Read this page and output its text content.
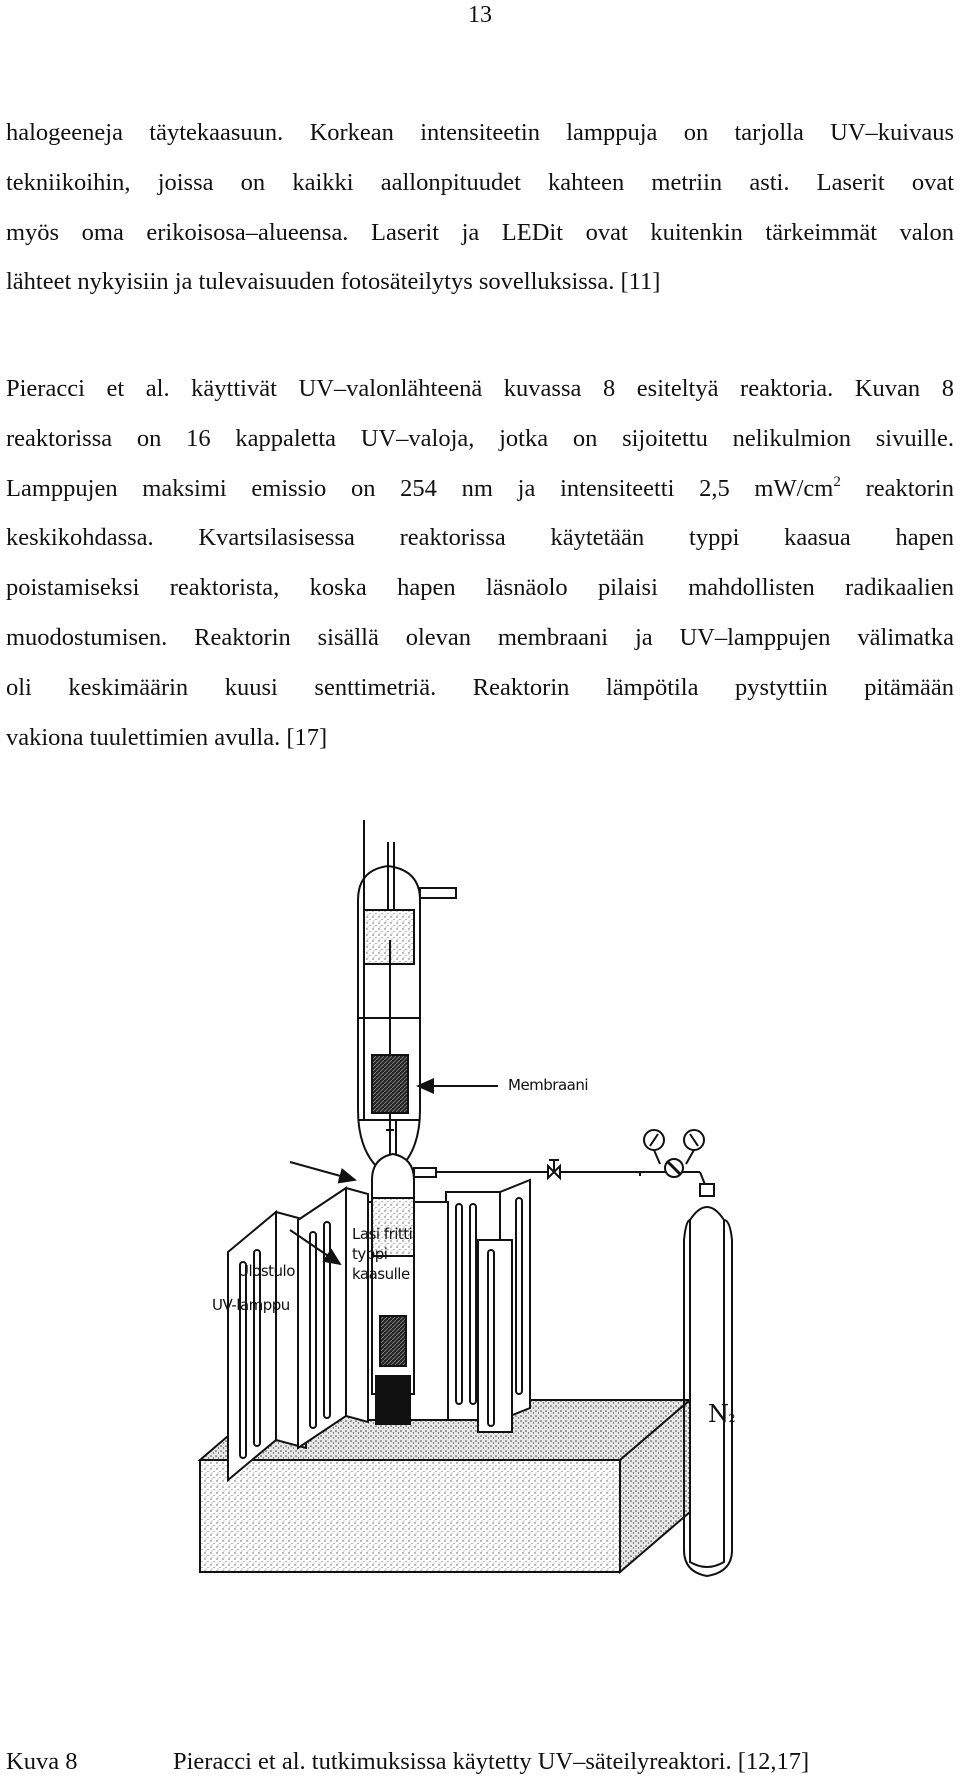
13

halogeeneja täytekaasuun. Korkean intensiteetin lamppuja on tarjolla UV–kuivaus
tekniikoihin, joissa on kaikki aallonpituudet kahteen metriin asti. Laserit ovat
myös oma erikoisosa–alueensa. Laserit ja LEDit ovat kuitenkin tärkeimmät valon
lähteet nykyisiin ja tulevaisuuden fotosäteilytys sovelluksissa. [11]

Pieracci et al. käyttivät UV–valonlähteenä kuvassa 8 esiteltyä reaktoria. Kuvan 8
reaktorissa on 16 kappaletta UV–valoja, jotka on sijoitettu nelikulmion sivuille.
Lamppujen maksimi emissio on 254 nm ja intensiteetti 2,5 $mW/cm^2$ reaktorin
keskikohdassa. Kvartsilasisessa reaktorissa käytetään typpi kaasua hapen
poistamiseksi reaktorista, koska hapen läsnäolo pilaisi mahdollisten radikaalien
muodostumisen. Reaktorin sisällä olevan membraani ja UV–lamppujen välimatka
oli keskimäärin kuusi senttimetriä. Reaktorin lämpötila pystyttiin pitämään
vakiona tuulettimien avulla. [17]

Membraani
Lasi fritti
typpi
kaasulle
Ulostulo
UV-lamppu
N2
Kuva 8	Pieracci et al. tutkimuksissa käytetty UV–säteilyreaktori. [12,17]
